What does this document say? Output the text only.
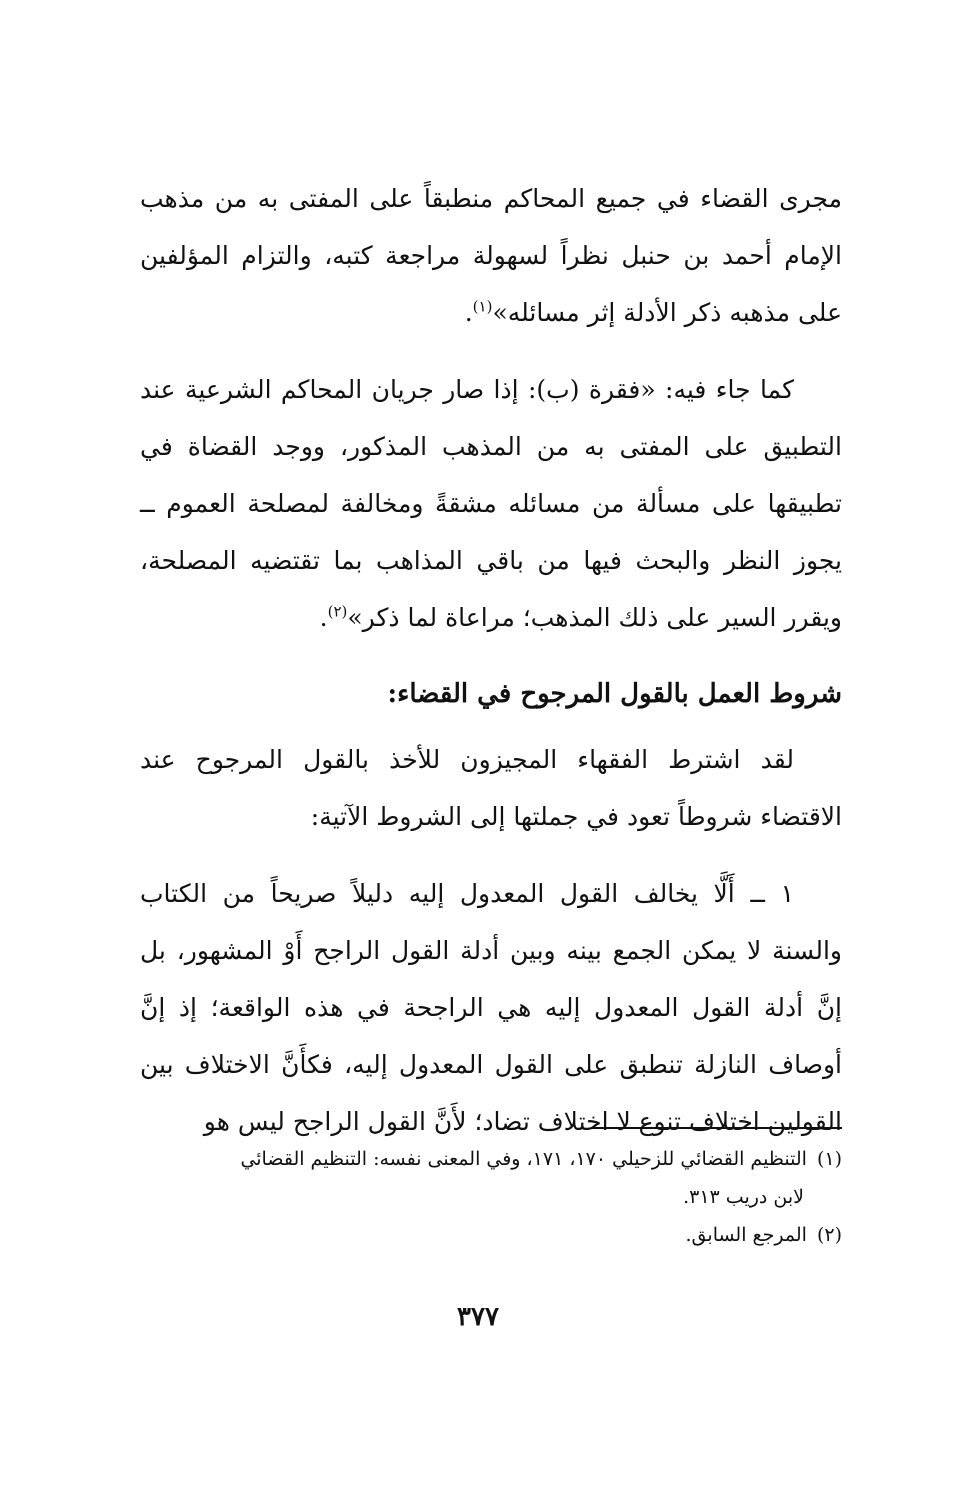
مجرى القضاء في جميع المحاكم منطبقاً على المفتى به من مذهب الإمام أحمد بن حنبل نظراً لسهولة مراجعة كتبه، والتزام المؤلفين على مذهبه ذكر الأدلة إثر مسائله»$^{(١)}$.

كما جاء فيه: «فقرة (ب): إذا صار جريان المحاكم الشرعية عند التطبيق على المفتى به من المذهب المذكور، ووجد القضاة في تطبيقها على مسألة من مسائله مشقةً ومخالفة لمصلحة العموم ــ يجوز النظر والبحث فيها من باقي المذاهب بما تقتضيه المصلحة، ويقرر السير على ذلك المذهب؛ مراعاة لما ذكر»$^{(٢)}$.

شروط العمل بالقول المرجوح في القضاء:

لقد اشترط الفقهاء المجيزون للأخذ بالقول المرجوح عند الاقتضاء شروطاً تعود في جملتها إلى الشروط الآتية:

١ ــ أَلَّا يخالف القول المعدول إليه دليلاً صريحاً من الكتاب والسنة لا يمكن الجمع بينه وبين أدلة القول الراجح أَوْ المشهور، بل إنَّ أدلة القول المعدول إليه هي الراجحة في هذه الواقعة؛ إذ إنَّ أوصاف النازلة تنطبق على القول المعدول إليه، فكأَنَّ الاختلاف بين القولين اختلاف تنوع لا اختلاف تضاد؛ لأَنَّ القول الراجح ليس هو

(١)التنظيم القضائي للزحيلي ١٧٠، ١٧١، وفي المعنى نفسه: التنظيم القضائي

لابن دريب ٣١٣.

(٢)المرجع السابق.

٣٧٧
